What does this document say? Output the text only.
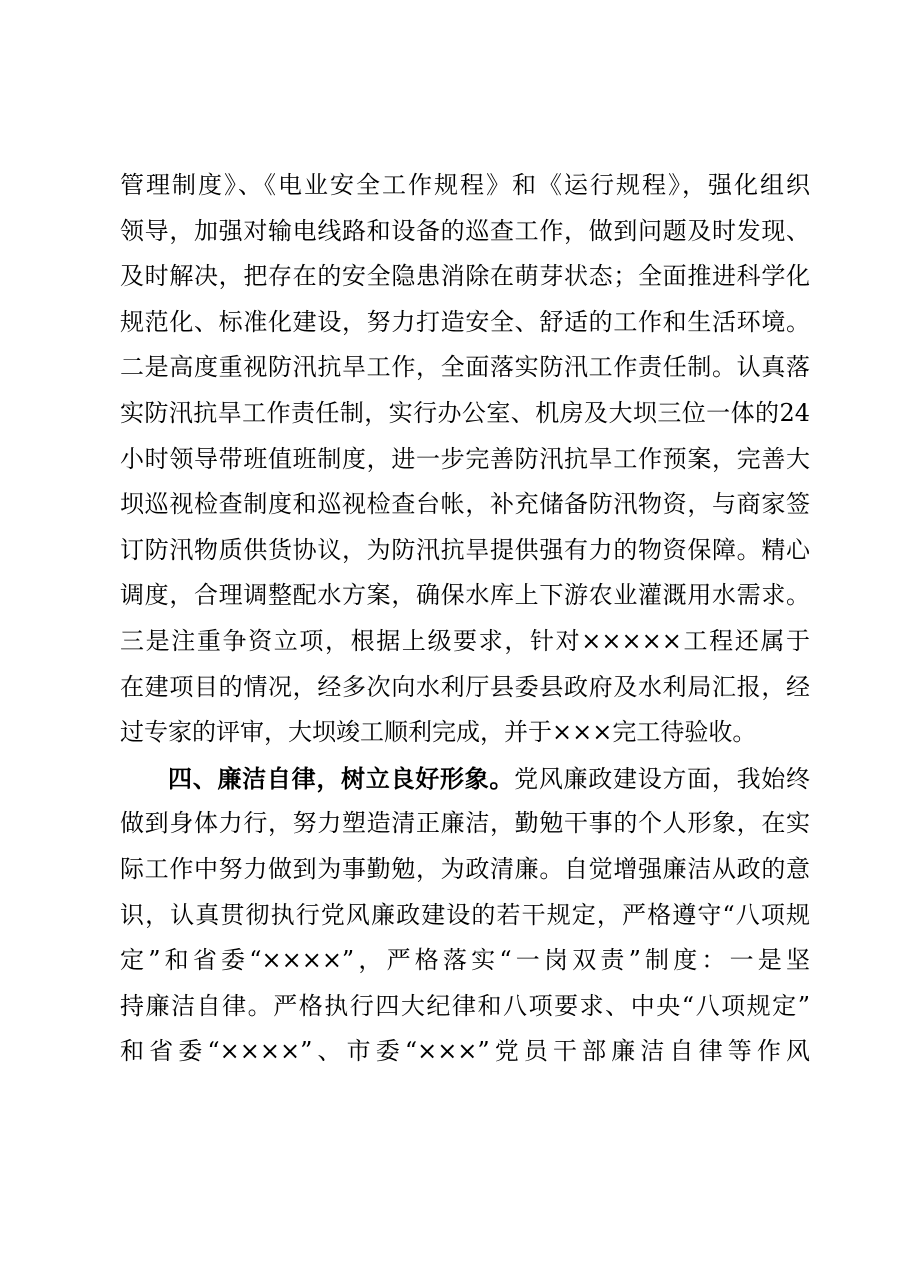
管理制度》、《电业安全工作规程》和《运行规程》，强化组织
领导，加强对输电线路和设备的巡查工作，做到问题及时发现、
及时解决，把存在的安全隐患消除在萌芽状态；全面推进科学化
规范化、标准化建设，努力打造安全、舒适的工作和生活环境。
二是高度重视防汛抗旱工作，全面落实防汛工作责任制。认真落
实防汛抗旱工作责任制，实行办公室、机房及大坝三位一体的24
小时领导带班值班制度，进一步完善防汛抗旱工作预案，完善大
坝巡视检查制度和巡视检查台帐，补充储备防汛物资，与商家签
订防汛物质供货协议，为防汛抗旱提供强有力的物资保障。精心
调度，合理调整配水方案，确保水库上下游农业灌溉用水需求。
三是注重争资立项，根据上级要求，针对×××××工程还属于
在建项目的情况，经多次向水利厅县委县政府及水利局汇报，经
过专家的评审，大坝竣工顺利完成，并于×××完工待验收。
四、廉洁自律，树立良好形象。党风廉政建设方面，我始终
做到身体力行，努力塑造清正廉洁，勤勉干事的个人形象，在实
际工作中努力做到为事勤勉，为政清廉。自觉增强廉洁从政的意
识，认真贯彻执行党风廉政建设的若干规定，严格遵守“八项规
定”和省委“××××”，严格落实“一岗双责”制度：一是坚
持廉洁自律。严格执行四大纪律和八项要求、中央“八项规定”
和省委“××××”、市委“×××”党员干部廉洁自律等作风
